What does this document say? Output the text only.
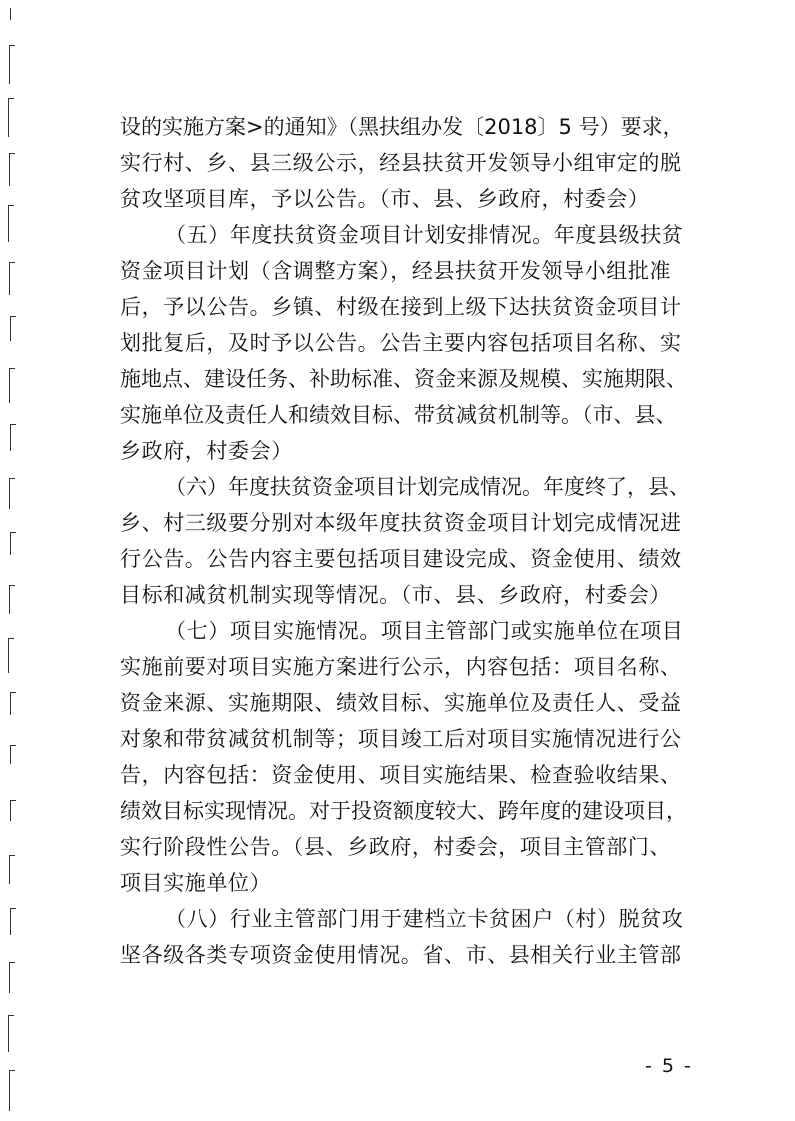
设的实施方案>的通知》（黑扶组办发〔2018〕5 号）要求，
实行村、乡、县三级公示，经县扶贫开发领导小组审定的脱
贫攻坚项目库，予以公告。（市、县、乡政府，村委会）
（五）年度扶贫资金项目计划安排情况。年度县级扶贫
资金项目计划（含调整方案），经县扶贫开发领导小组批准
后，予以公告。乡镇、村级在接到上级下达扶贫资金项目计
划批复后，及时予以公告。公告主要内容包括项目名称、实
施地点、建设任务、补助标准、资金来源及规模、实施期限、
实施单位及责任人和绩效目标、带贫减贫机制等。（市、县、
乡政府，村委会）
（六）年度扶贫资金项目计划完成情况。年度终了，县、
乡、村三级要分别对本级年度扶贫资金项目计划完成情况进
行公告。公告内容主要包括项目建设完成、资金使用、绩效
目标和减贫机制实现等情况。（市、县、乡政府，村委会）
（七）项目实施情况。项目主管部门或实施单位在项目
实施前要对项目实施方案进行公示，内容包括：项目名称、
资金来源、实施期限、绩效目标、实施单位及责任人、受益
对象和带贫减贫机制等；项目竣工后对项目实施情况进行公
告，内容包括：资金使用、项目实施结果、检查验收结果、
绩效目标实现情况。对于投资额度较大、跨年度的建设项目，
实行阶段性公告。（县、乡政府，村委会，项目主管部门、
项目实施单位）
（八）行业主管部门用于建档立卡贫困户（村）脱贫攻
坚各级各类专项资金使用情况。省、市、县相关行业主管部
- 5 -
